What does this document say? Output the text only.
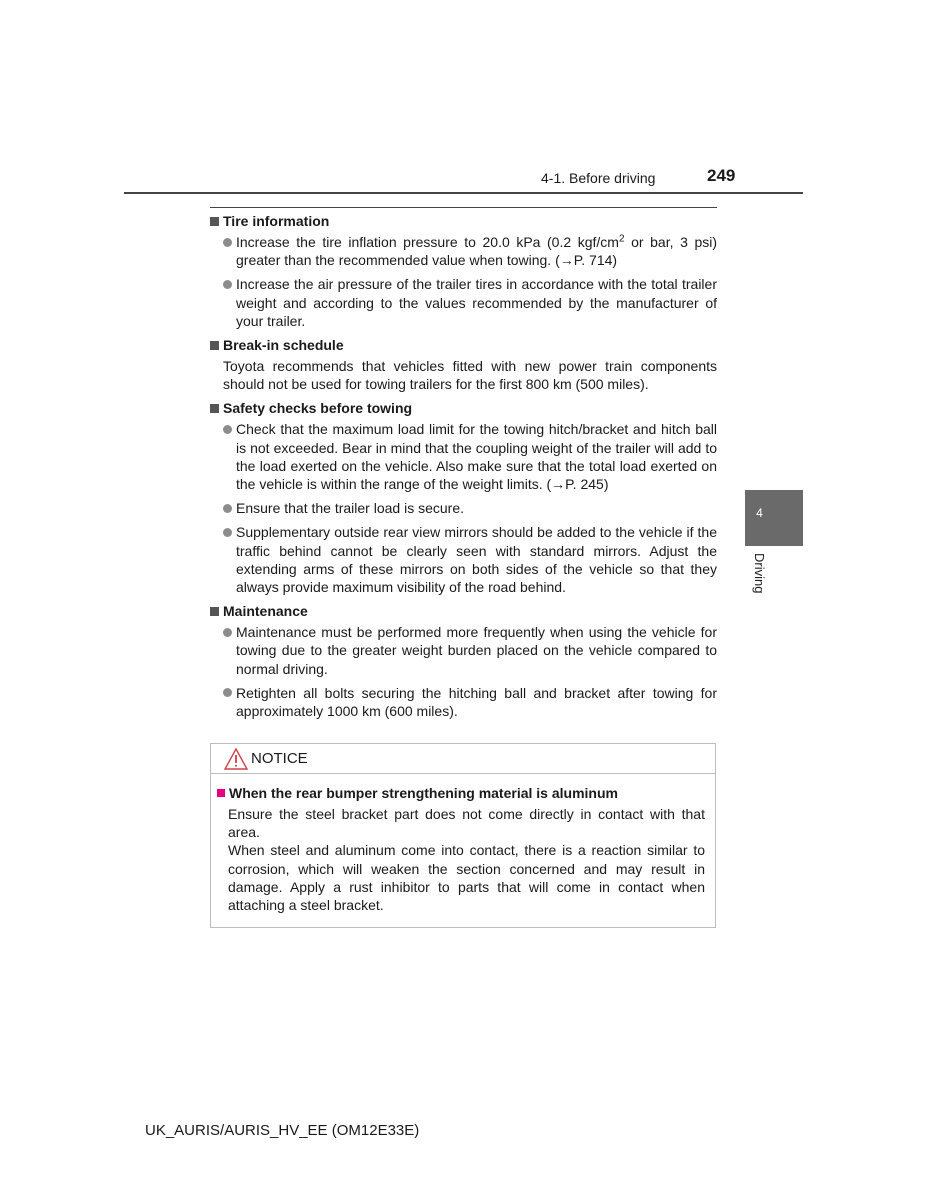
4-1. Before driving	249
4
Driving
Tire information
Increase the tire inflation pressure to 20.0 kPa (0.2 kgf/$cm^2$ or bar, 3 psi) greater than the recommended value when towing. (→P. 714)
Increase the air pressure of the trailer tires in accordance with the total trailer weight and according to the values recommended by the manufacturer of your trailer.
Break-in schedule
Toyota recommends that vehicles fitted with new power train components should not be used for towing trailers for the first 800 km (500 miles).
Safety checks before towing
Check that the maximum load limit for the towing hitch/bracket and hitch ball is not exceeded. Bear in mind that the coupling weight of the trailer will add to the load exerted on the vehicle. Also make sure that the total load exerted on the vehicle is within the range of the weight limits. (→P. 245)
Ensure that the trailer load is secure.
Supplementary outside rear view mirrors should be added to the vehicle if the traffic behind cannot be clearly seen with standard mirrors. Adjust the extending arms of these mirrors on both sides of the vehicle so that they always provide maximum visibility of the road behind.
Maintenance
Maintenance must be performed more frequently when using the vehicle for towing due to the greater weight burden placed on the vehicle compared to normal driving.
Retighten all bolts securing the hitching ball and bracket after towing for approximately 1000 km (600 miles).
NOTICE
When the rear bumper strengthening material is aluminum
Ensure the steel bracket part does not come directly in contact with that area.
When steel and aluminum come into contact, there is a reaction similar to corrosion, which will weaken the section concerned and may result in damage. Apply a rust inhibitor to parts that will come in contact when attaching a steel bracket.
UK_AURIS/AURIS_HV_EE (OM12E33E)
